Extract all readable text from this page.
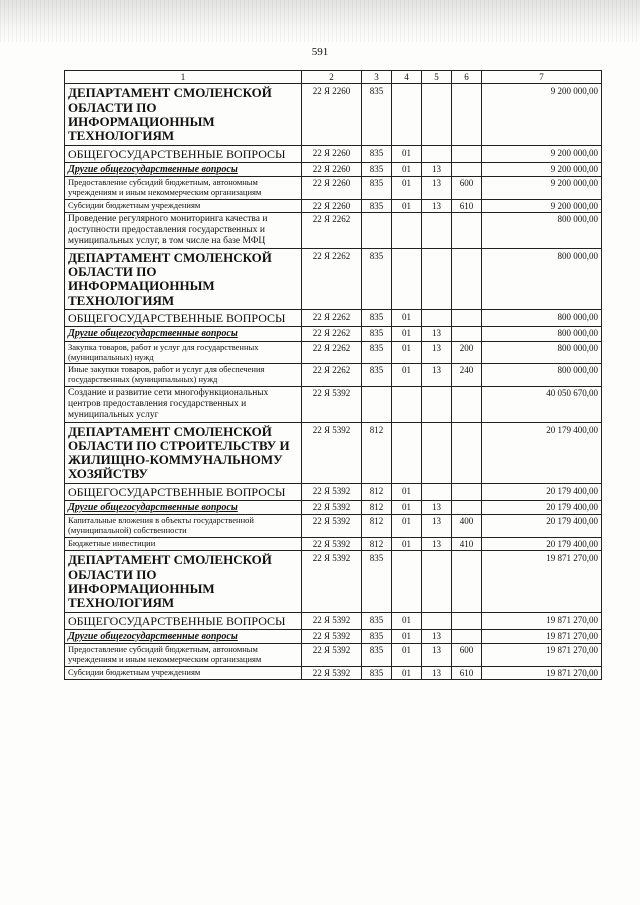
591
1	2	3	4	5	6	7
ДЕПАРТАМЕНТ СМОЛЕНСКОЙ ОБЛАСТИ ПО ИНФОРМАЦИОННЫМ ТЕХНОЛОГИЯМ	22 Я 2260	835				9 200 000,00
ОБЩЕГОСУДАРСТВЕННЫЕ ВОПРОСЫ	22 Я 2260	835	01			9 200 000,00
Другие общегосударственные вопросы	22 Я 2260	835	01	13		9 200 000,00
Предоставление субсидий бюджетным, автономным учреждениям и иным некоммерческим организациям	22 Я 2260	835	01	13	600	9 200 000,00
Субсидии бюджетным учреждениям	22 Я 2260	835	01	13	610	9 200 000,00
Проведение регулярного мониторинга качества и доступности предоставления государственных и муниципальных услуг, в том числе на базе МФЦ	22 Я 2262					800 000,00
ДЕПАРТАМЕНТ СМОЛЕНСКОЙ ОБЛАСТИ ПО ИНФОРМАЦИОННЫМ ТЕХНОЛОГИЯМ	22 Я 2262	835				800 000,00
ОБЩЕГОСУДАРСТВЕННЫЕ ВОПРОСЫ	22 Я 2262	835	01			800 000,00
Другие общегосударственные вопросы	22 Я 2262	835	01	13		800 000,00
Закупка товаров, работ и услуг для государственных (муниципальных) нужд	22 Я 2262	835	01	13	200	800 000,00
Иные закупки товаров, работ и услуг для обеспечения государственных (муниципальных) нужд	22 Я 2262	835	01	13	240	800 000,00
Создание и развитие сети многофункциональных центров предоставления государственных и муниципальных услуг	22 Я 5392					40 050 670,00
ДЕПАРТАМЕНТ СМОЛЕНСКОЙ ОБЛАСТИ ПО СТРОИТЕЛЬСТВУ И ЖИЛИЩНО-КОММУНАЛЬНОМУ ХОЗЯЙСТВУ	22 Я 5392	812				20 179 400,00
ОБЩЕГОСУДАРСТВЕННЫЕ ВОПРОСЫ	22 Я 5392	812	01			20 179 400,00
Другие общегосударственные вопросы	22 Я 5392	812	01	13		20 179 400,00
Капитальные вложения в объекты государственной (муниципальной) собственности	22 Я 5392	812	01	13	400	20 179 400,00
Бюджетные инвестиции	22 Я 5392	812	01	13	410	20 179 400,00
ДЕПАРТАМЕНТ СМОЛЕНСКОЙ ОБЛАСТИ ПО ИНФОРМАЦИОННЫМ ТЕХНОЛОГИЯМ	22 Я 5392	835				19 871 270,00
ОБЩЕГОСУДАРСТВЕННЫЕ ВОПРОСЫ	22 Я 5392	835	01			19 871 270,00
Другие общегосударственные вопросы	22 Я 5392	835	01	13		19 871 270,00
Предоставление субсидий бюджетным, автономным учреждениям и иным некоммерческим организациям	22 Я 5392	835	01	13	600	19 871 270,00
Субсидии бюджетным учреждениям	22 Я 5392	835	01	13	610	19 871 270,00
